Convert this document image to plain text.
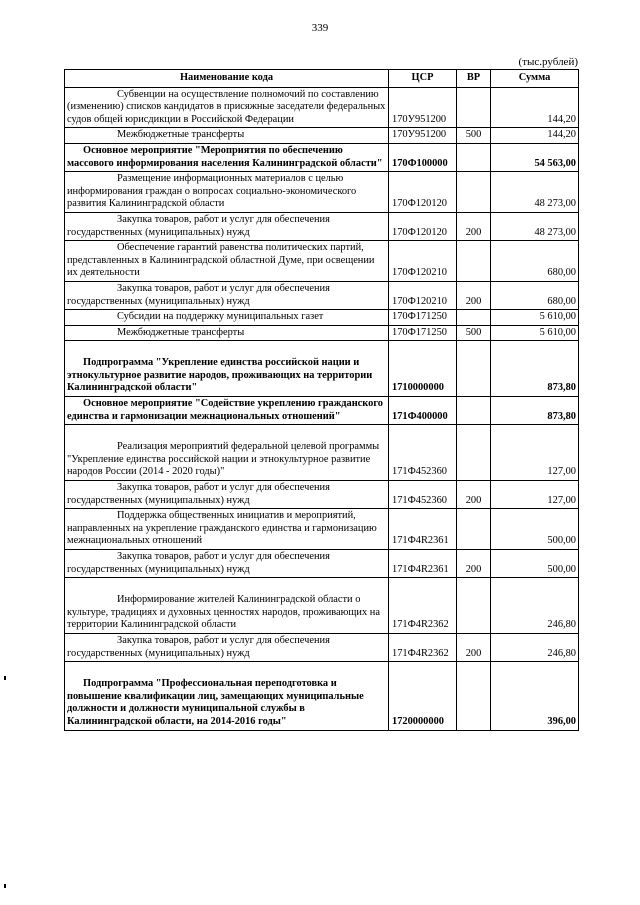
339
(тыс.рублей)
Наименование кода	ЦСР	ВР	Сумма

Субвенции на осуществление полномочий по составлению (изменению) списков кандидатов в присяжные заседатели федеральных судов общей юрисдикции в Российской Федерации	170У951200		144,20

Межбюджетные трансферты	170У951200	500	144,20

Основное мероприятие "Мероприятия по обеспечению массового информирования населения Калининградской области"	170Ф100000		54 563,00

Размещение информационных материалов с целью информирования граждан о вопросах социально-экономического развития Калининградской области	170Ф120120		48 273,00

Закупка товаров, работ и услуг для обеспечения государственных (муниципальных) нужд	170Ф120120	200	48 273,00

Обеспечение гарантий равенства политических партий, представленных в Калининградской областной Думе, при освещении их деятельности	170Ф120210		680,00

Закупка товаров, работ и услуг для обеспечения государственных (муниципальных) нужд	170Ф120210	200	680,00

Субсидии на поддержку муниципальных газет	170Ф171250		5 610,00

Межбюджетные трансферты	170Ф171250	500	5 610,00

Подпрограмма "Укрепление единства российской нации и этнокультурное развитие народов, проживающих на территории Калининградской области"	1710000000		873,80

Основное мероприятие "Содействие укреплению гражданского единства и гармонизации межнациональных отношений"	171Ф400000		873,80

Реализация мероприятий федеральной целевой программы "Укрепление единства российской нации и этнокультурное развитие народов России (2014 - 2020 годы)"	171Ф452360		127,00

Закупка товаров, работ и услуг для обеспечения государственных (муниципальных) нужд	171Ф452360	200	127,00

Поддержка общественных инициатив и мероприятий, направленных на укрепление гражданского единства и гармонизацию межнациональных отношений	171Ф4R2361		500,00

Закупка товаров, работ и услуг для обеспечения государственных (муниципальных) нужд	171Ф4R2361	200	500,00

Информирование жителей Калининградской области о культуре, традициях и духовных ценностях народов, проживающих на территории Калининградской области	171Ф4R2362		246,80

Закупка товаров, работ и услуг для обеспечения государственных (муниципальных) нужд	171Ф4R2362	200	246,80

Подпрограмма "Профессиональная переподготовка и повышение квалификации лиц, замещающих муниципальные должности и должности муниципальной службы в Калининградской области, на 2014-2016 годы"	1720000000		396,00
